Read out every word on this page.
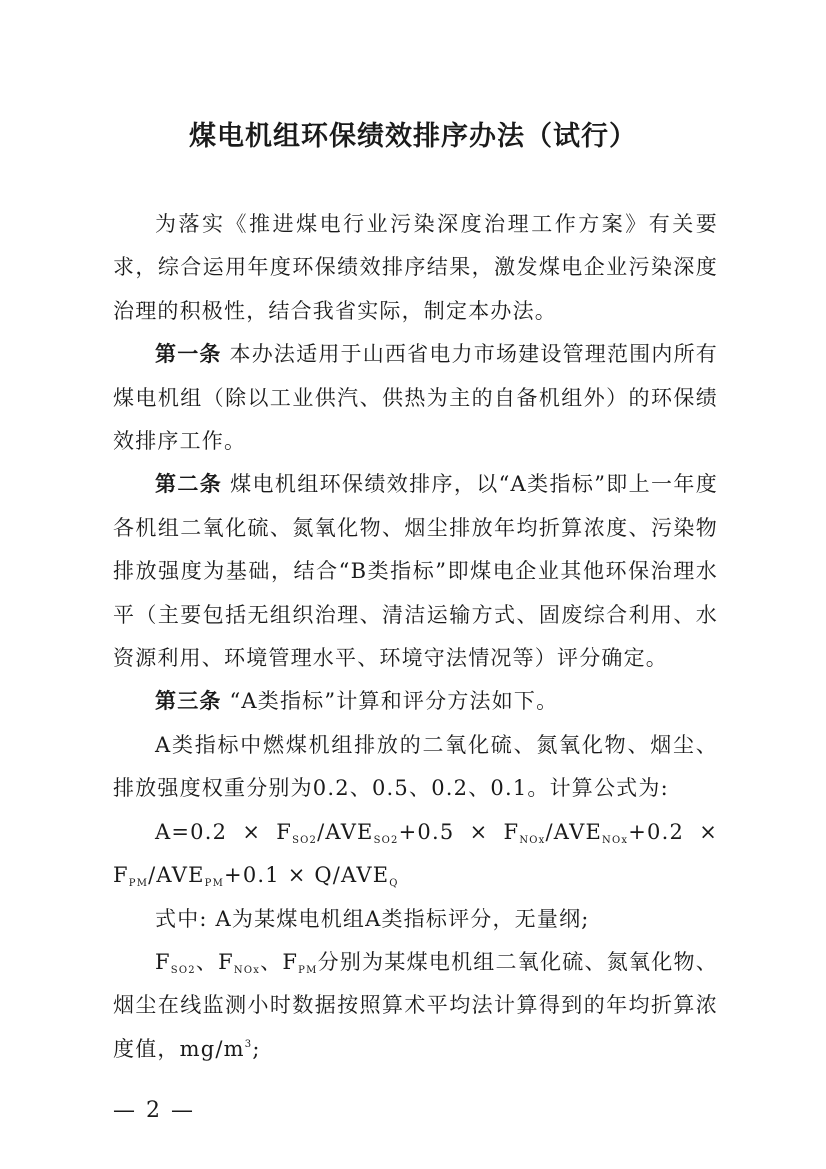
煤电机组环保绩效排序办法（试行）

为落实《推进煤电行业污染深度治理工作方案》有关要求，综合运用年度环保绩效排序结果，激发煤电企业污染深度治理的积极性，结合我省实际，制定本办法。

第一条 本办法适用于山西省电力市场建设管理范围内所有煤电机组（除以工业供汽、供热为主的自备机组外）的环保绩效排序工作。

第二条 煤电机组环保绩效排序，以“A类指标”即上一年度各机组二氧化硫、氮氧化物、烟尘排放年均折算浓度、污染物排放强度为基础，结合“B类指标”即煤电企业其他环保治理水平（主要包括无组织治理、清洁运输方式、固废综合利用、水资源利用、环境管理水平、环境守法情况等）评分确定。

第三条 “A类指标”计算和评分方法如下。

A类指标中燃煤机组排放的二氧化硫、氮氧化物、烟尘、排放强度权重分别为0.2、0.5、0.2、0.1。计算公式为:

$A=0.2 \times F_{SO2}/AVE_{SO2}+0.5 \times F_{NOx}/AVE_{NOx}+0.2 \times F_{PM}/AVE_{PM}+0.1 \times Q/AVE_Q$

式中: A为某煤电机组A类指标评分，无量纲;

$F_{SO2}$、$F_{NOx}$、$F_{PM}$分别为某煤电机组二氧化硫、氮氧化物、烟尘在线监测小时数据按照算术平均法计算得到的年均折算浓度值，$mg/m^3$;

— 2 —
